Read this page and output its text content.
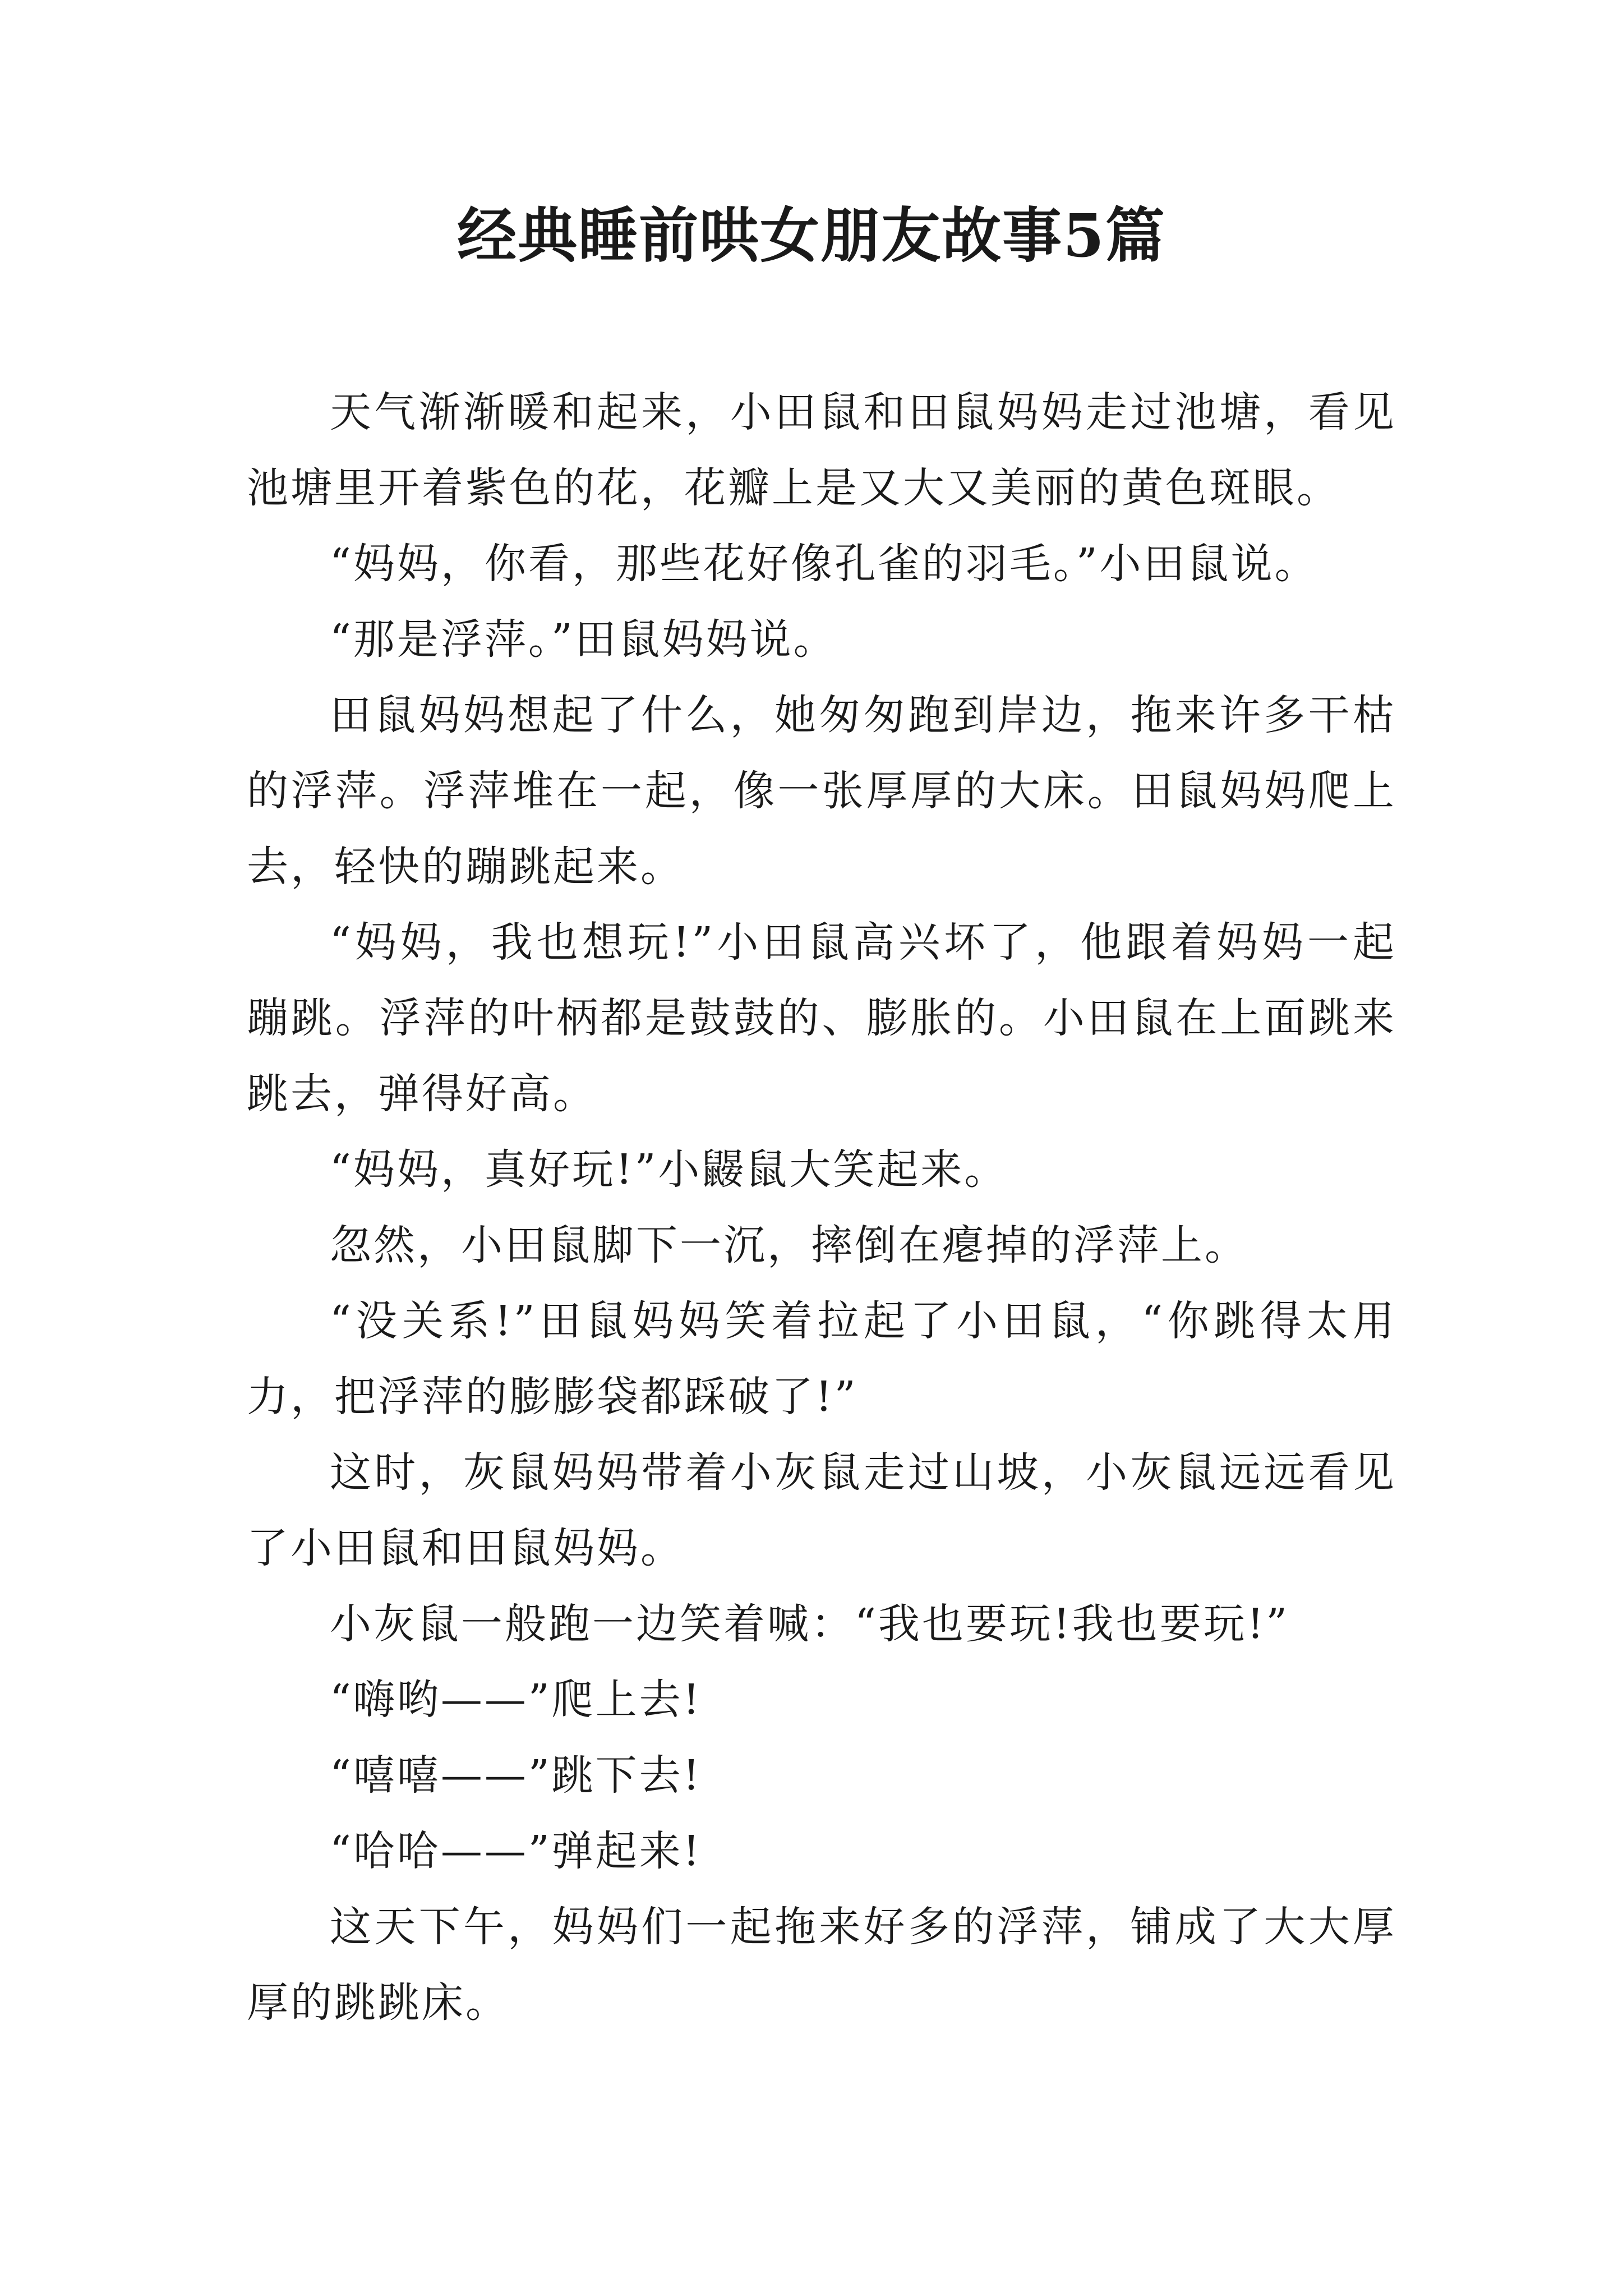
经典睡前哄女朋友故事5篇

天气渐渐暖和起来，小田鼠和田鼠妈妈走过池塘，看见池塘里开着紫色的花，花瓣上是又大又美丽的黄色斑眼。

“妈妈，你看，那些花好像孔雀的羽毛。”小田鼠说。

“那是浮萍。”田鼠妈妈说。

田鼠妈妈想起了什么，她匆匆跑到岸边，拖来许多干枯的浮萍。浮萍堆在一起，像一张厚厚的大床。田鼠妈妈爬上去，轻快的蹦跳起来。

“妈妈，我也想玩!”小田鼠高兴坏了，他跟着妈妈一起蹦跳。浮萍的叶柄都是鼓鼓的、膨胀的。小田鼠在上面跳来跳去，弹得好高。

“妈妈，真好玩!”小鼹鼠大笑起来。

忽然，小田鼠脚下一沉，摔倒在瘪掉的浮萍上。

“没关系!”田鼠妈妈笑着拉起了小田鼠，“你跳得太用力，把浮萍的膨膨袋都踩破了!”

这时，灰鼠妈妈带着小灰鼠走过山坡，小灰鼠远远看见了小田鼠和田鼠妈妈。

小灰鼠一般跑一边笑着喊：“我也要玩!我也要玩!”

“嗨哟——”爬上去!

“嘻嘻——”跳下去!

“哈哈——”弹起来!

这天下午，妈妈们一起拖来好多的浮萍，铺成了大大厚厚的跳跳床。
